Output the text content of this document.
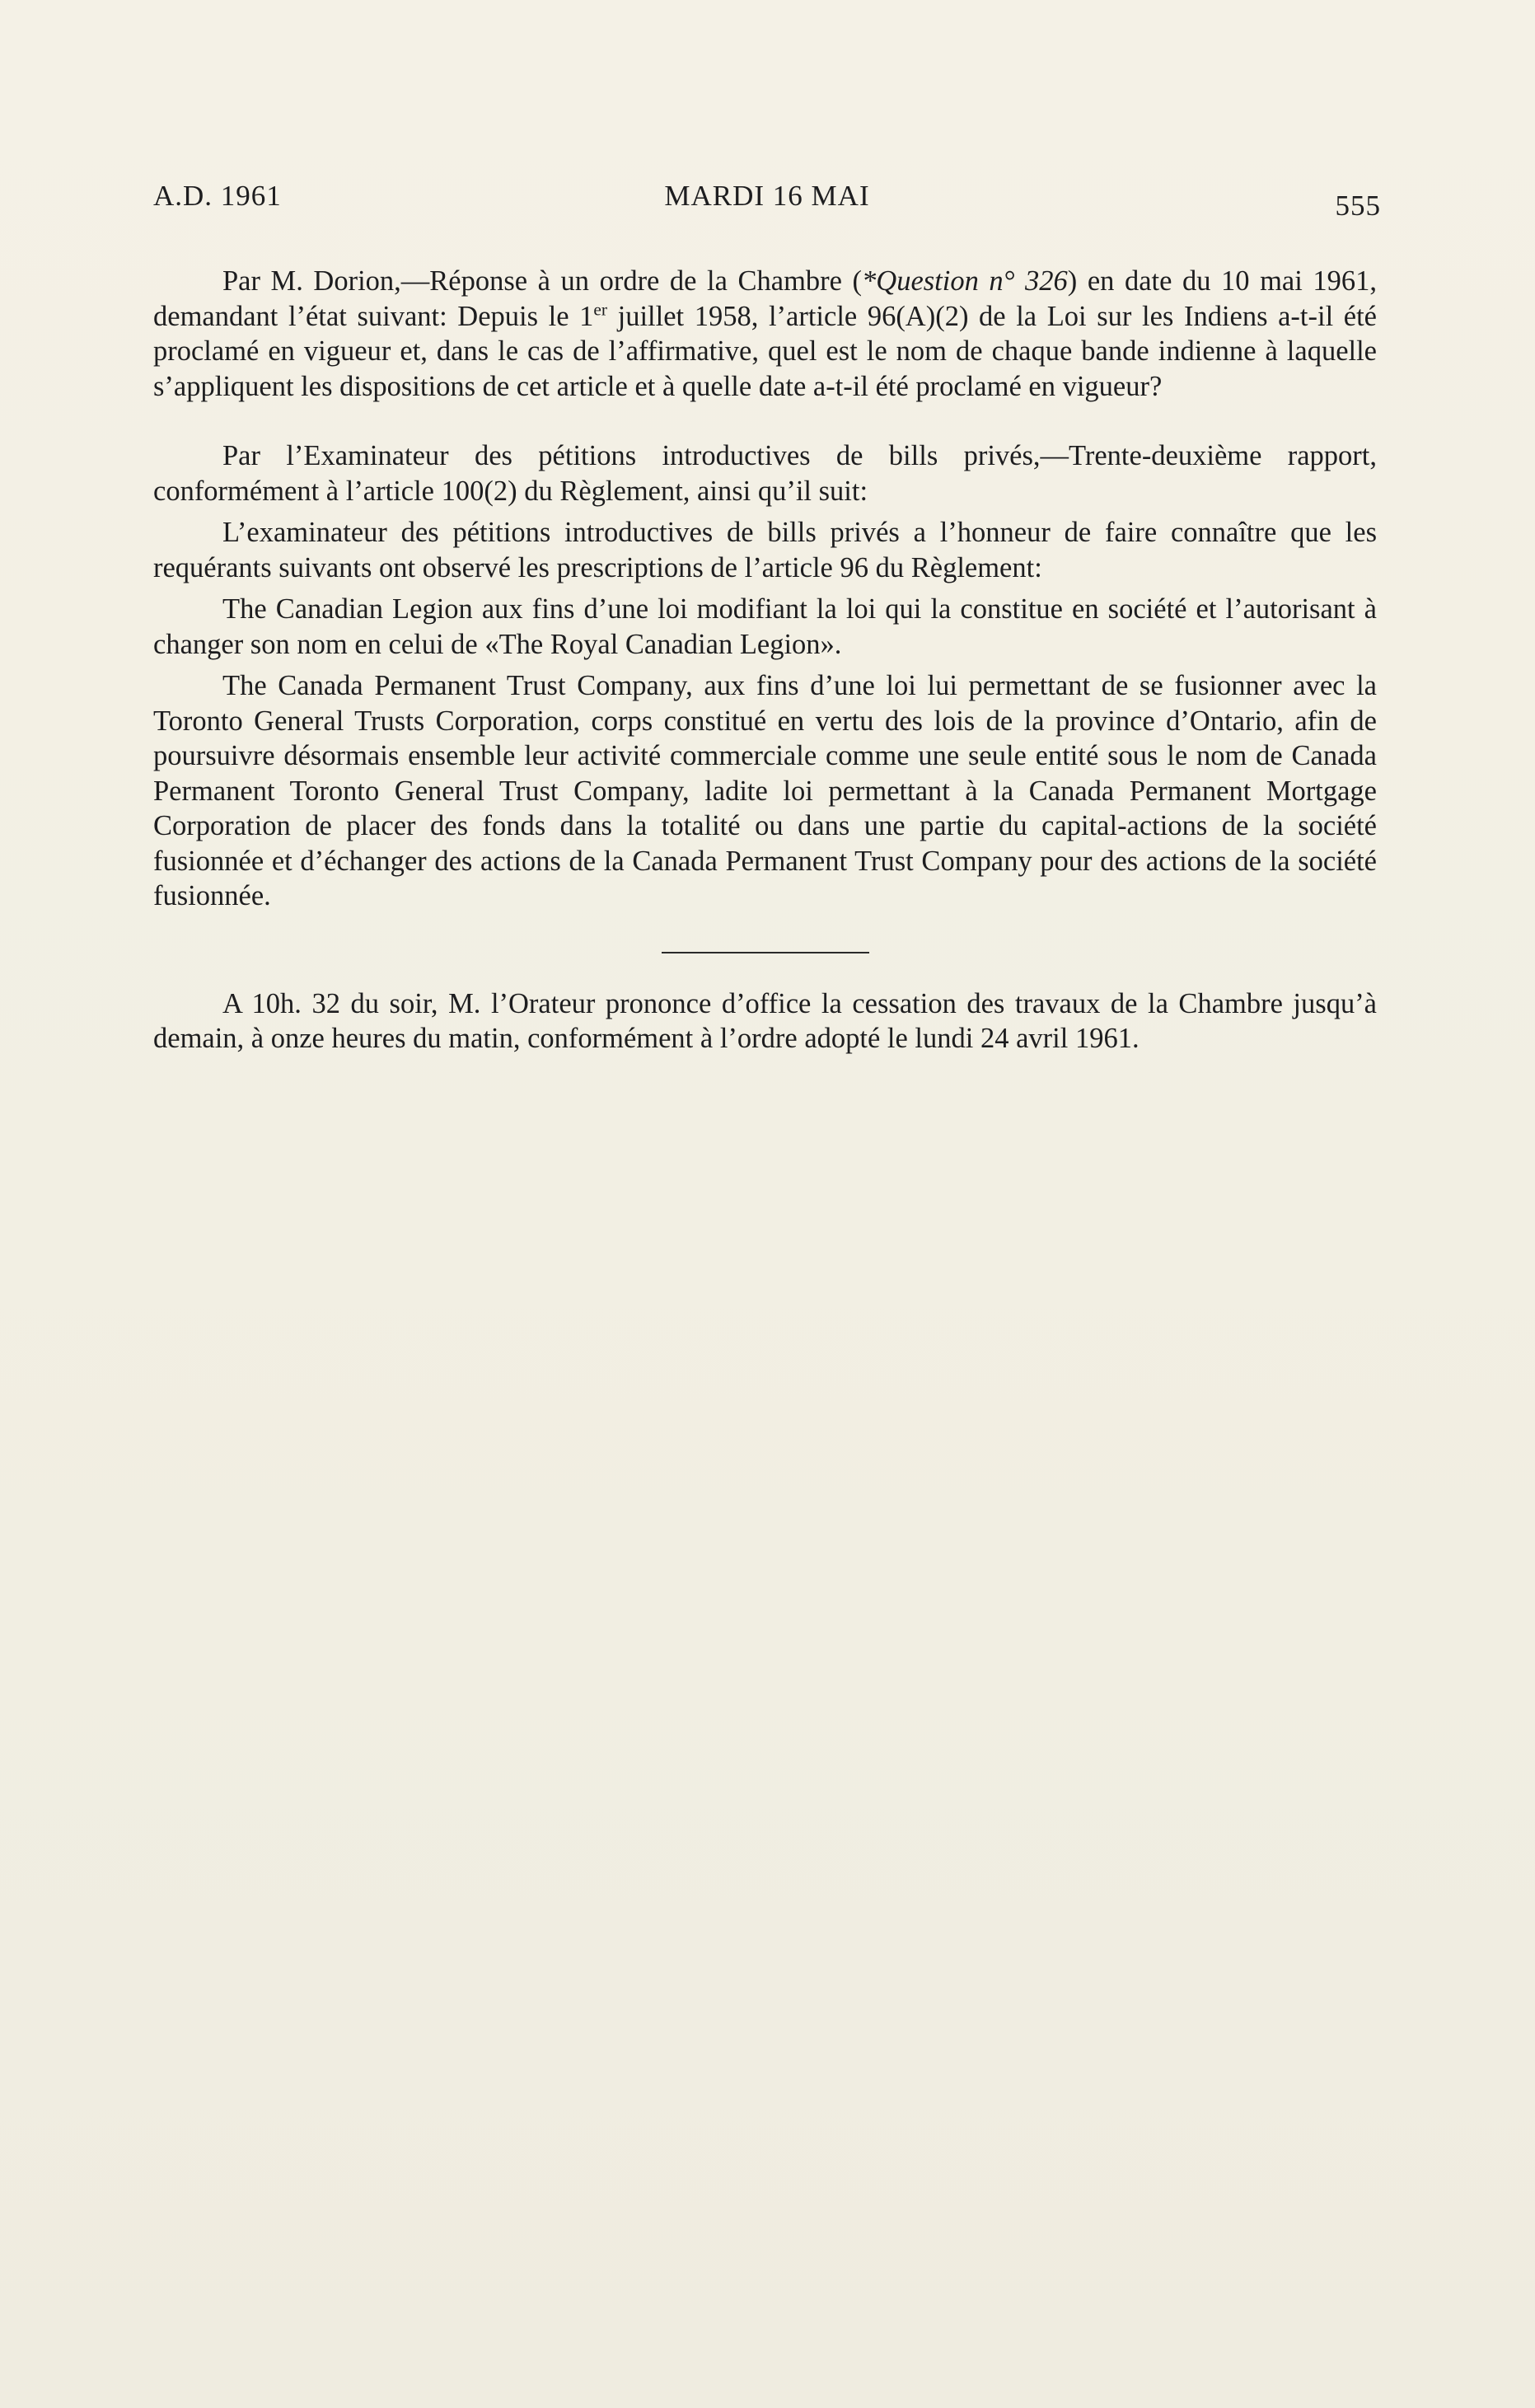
A.D. 1961	MARDI 16 MAI	555

Par M. Dorion,—Réponse à un ordre de la Chambre (*Question n° 326) en date du 10 mai 1961, demandant l’état suivant: Depuis le 1er juillet 1958, l’article 96(A)(2) de la Loi sur les Indiens a-t-il été proclamé en vigueur et, dans le cas de l’affirmative, quel est le nom de chaque bande indienne à laquelle s’appliquent les dispositions de cet article et à quelle date a-t-il été proclamé en vigueur?

Par l’Examinateur des pétitions introductives de bills privés,—Trente-deuxième rapport, conformément à l’article 100(2) du Règlement, ainsi qu’il suit:

L’examinateur des pétitions introductives de bills privés a l’honneur de faire connaître que les requérants suivants ont observé les prescriptions de l’article 96 du Règlement:

The Canadian Legion aux fins d’une loi modifiant la loi qui la constitue en société et l’autorisant à changer son nom en celui de «The Royal Canadian Legion».

The Canada Permanent Trust Company, aux fins d’une loi lui permettant de se fusionner avec la Toronto General Trusts Corporation, corps constitué en vertu des lois de la province d’Ontario, afin de poursuivre désormais ensemble leur activité commerciale comme une seule entité sous le nom de Canada Permanent Toronto General Trust Company, ladite loi permettant à la Canada Permanent Mortgage Corporation de placer des fonds dans la totalité ou dans une partie du capital-actions de la société fusionnée et d’échanger des actions de la Canada Permanent Trust Company pour des actions de la société fusionnée.

A 10h. 32 du soir, M. l’Orateur prononce d’office la cessation des travaux de la Chambre jusqu’à demain, à onze heures du matin, conformément à l’ordre adopté le lundi 24 avril 1961.
